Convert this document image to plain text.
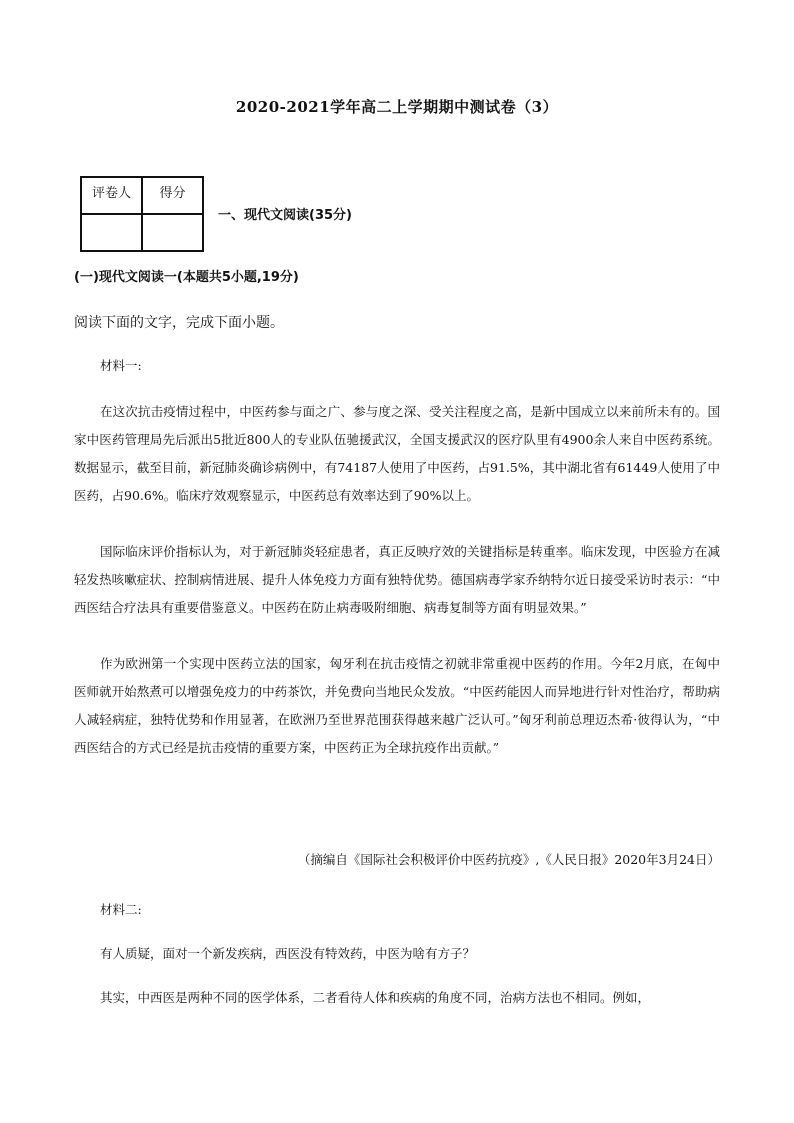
2020-2021学年高二上学期期中测试卷（3）
评卷人	得分

一、现代文阅读(35分)
(一)现代文阅读一(本题共5小题,19分)
阅读下面的文字，完成下面小题。

材料一:

在这次抗击疫情过程中，中医药参与面之广、参与度之深、受关注程度之高，是新中国成立以来前所未有的。国家中医药管理局先后派出5批近800人的专业队伍驰援武汉，全国支援武汉的医疗队里有4900余人来自中医药系统。数据显示，截至目前，新冠肺炎确诊病例中，有74187人使用了中医药，占91.5%，其中湖北省有61449人使用了中医药，占90.6%。临床疗效观察显示，中医药总有效率达到了90%以上。

国际临床评价指标认为，对于新冠肺炎轻症患者，真正反映疗效的关键指标是转重率。临床发现，中医验方在减轻发热咳嗽症状、控制病情进展、提升人体免疫力方面有独特优势。德国病毒学家乔纳特尔近日接受采访时表示：“中西医结合疗法具有重要借鉴意义。中医药在防止病毒吸附细胞、病毒复制等方面有明显效果。”

作为欧洲第一个实现中医药立法的国家，匈牙利在抗击疫情之初就非常重视中医药的作用。今年2月底，在匈中医师就开始熬煮可以增强免疫力的中药茶饮，并免费向当地民众发放。“中医药能因人而异地进行针对性治疗，帮助病人减轻病症，独特优势和作用显著，在欧洲乃至世界范围获得越来越广泛认可。”匈牙利前总理迈杰希·彼得认为，“中西医结合的方式已经是抗击疫情的重要方案，中医药正为全球抗疫作出贡献。”

（摘编自《国际社会积极评价中医药抗疫》,《人民日报》2020年3月24日）

材料二:

有人质疑，面对一个新发疾病，西医没有特效药，中医为啥有方子？

其实，中西医是两种不同的医学体系，二者看待人体和疾病的角度不同，治病方法也不相同。例如，
